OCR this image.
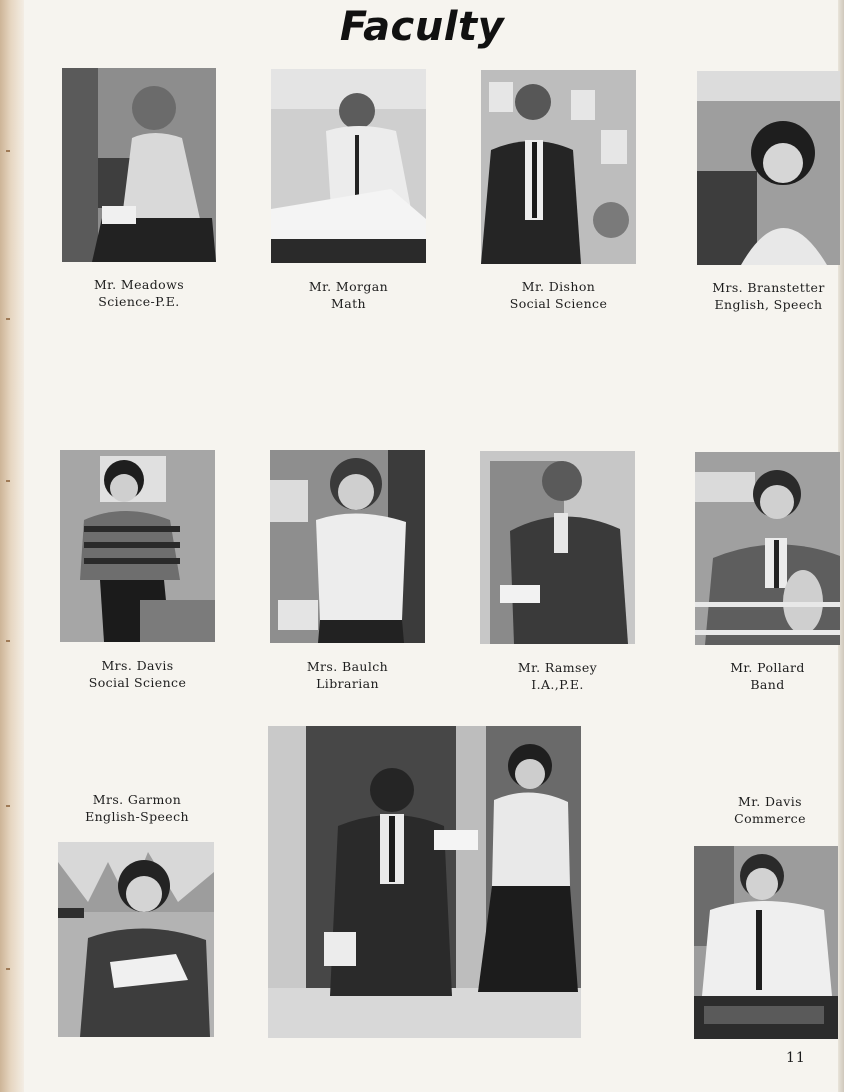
Faculty
Mr. Meadows
Science-P.E.
Mr. Morgan
Math
Mr. Dishon
Social Science
Mrs. Branstetter
English, Speech
Mrs. Davis
Social Science
Mrs. Baulch
Librarian
Mr. Ramsey
I.A.,P.E.
Mr. Pollard
Band
Mrs. Garmon
English-Speech
Mr. Davis
Commerce
11
